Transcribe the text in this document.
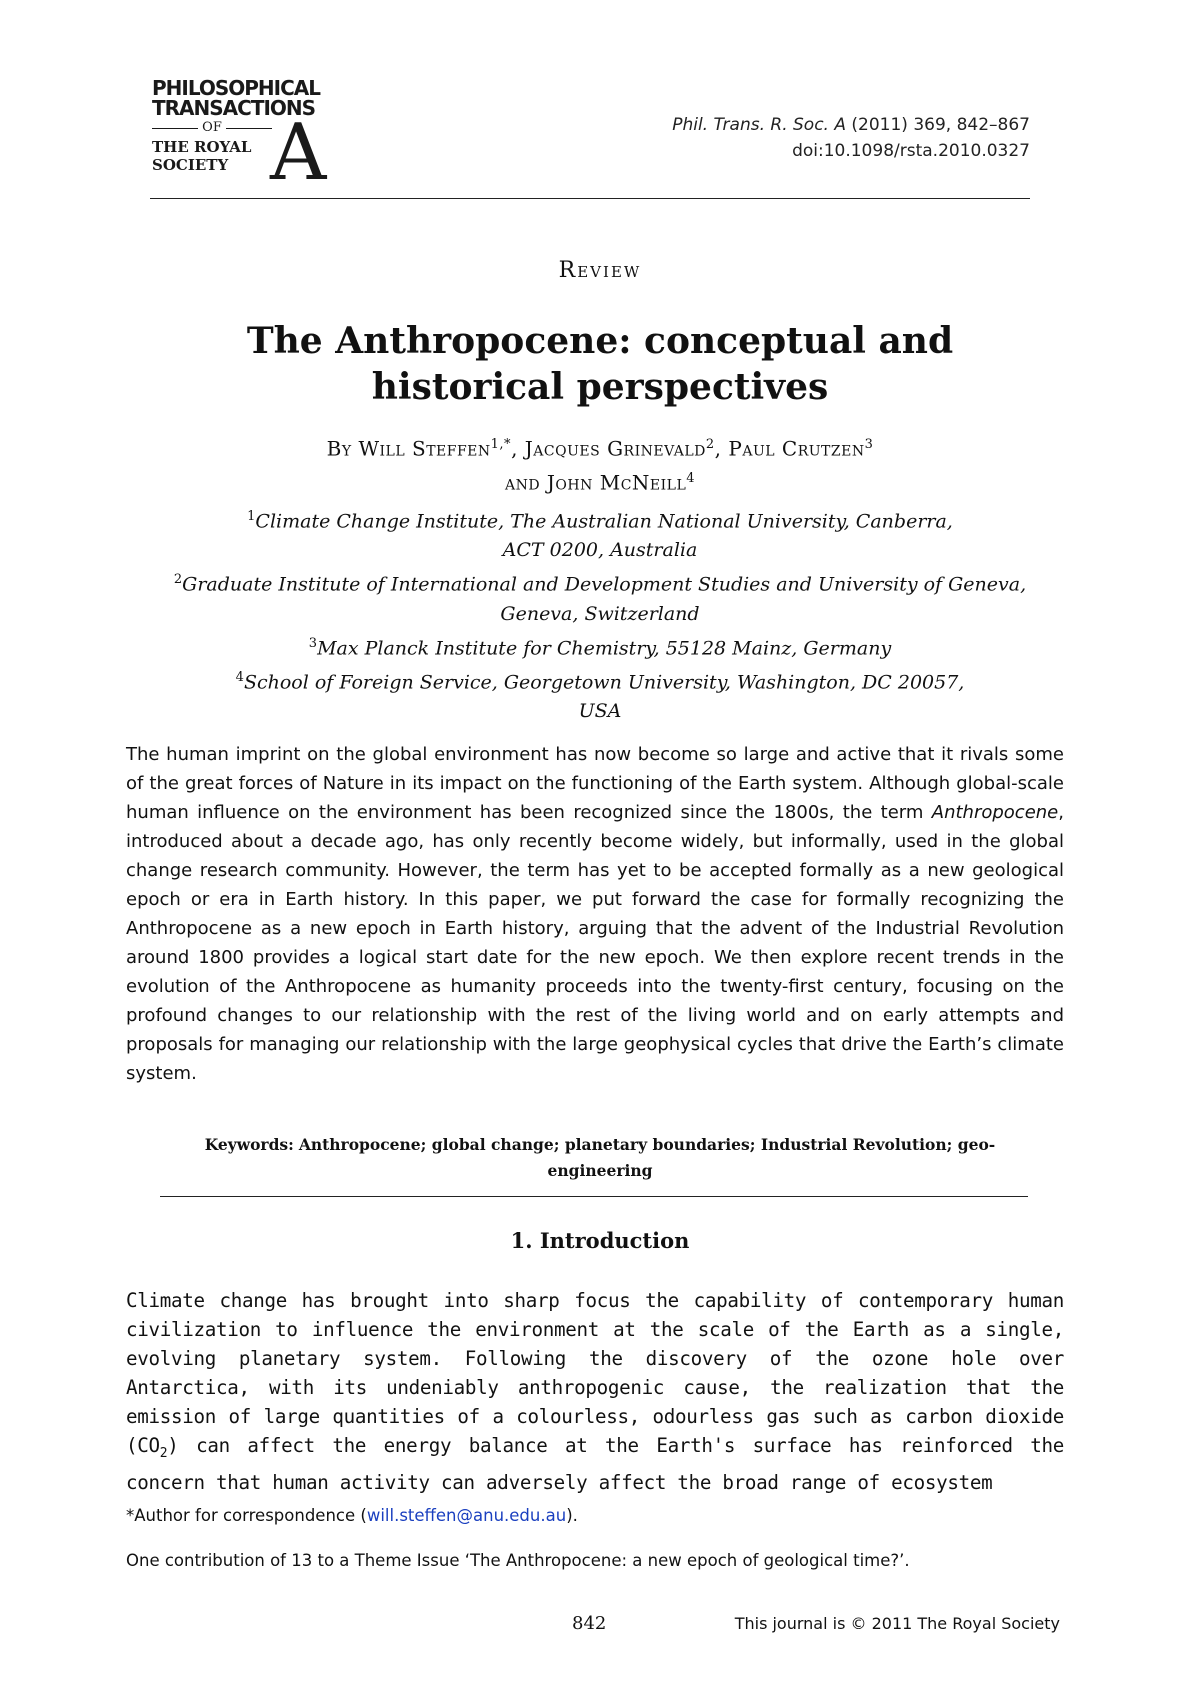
PHILOSOPHICAL
TRANSACTIONS
OF
THE ROYAL
SOCIETY A	Phil. Trans. R. Soc. A (2011) 369, 842–867
doi:10.1098/rsta.2010.0327
Review
The Anthropocene: conceptual and historical perspectives
By Will Steffen$^{1,*}$, Jacques Grinevald$^2$, Paul Crutzen$^3$
and John McNeill$^4$
$^1$Climate Change Institute, The Australian National University, Canberra, ACT 0200, Australia
$^2$Graduate Institute of International and Development Studies and University of Geneva, Geneva, Switzerland
$^3$Max Planck Institute for Chemistry, 55128 Mainz, Germany
$^4$School of Foreign Service, Georgetown University, Washington, DC 20057, USA
The human imprint on the global environment has now become so large and active that it rivals some of the great forces of Nature in its impact on the functioning of the Earth system. Although global-scale human influence on the environment has been recognized since the 1800s, the term Anthropocene, introduced about a decade ago, has only recently become widely, but informally, used in the global change research community. However, the term has yet to be accepted formally as a new geological epoch or era in Earth history. In this paper, we put forward the case for formally recognizing the Anthropocene as a new epoch in Earth history, arguing that the advent of the Industrial Revolution around 1800 provides a logical start date for the new epoch. We then explore recent trends in the evolution of the Anthropocene as humanity proceeds into the twenty-first century, focusing on the profound changes to our relationship with the rest of the living world and on early attempts and proposals for managing our relationship with the large geophysical cycles that drive the Earth’s climate system.
Keywords: Anthropocene; global change; planetary boundaries; Industrial Revolution; geo-engineering
1. Introduction
Climate change has brought into sharp focus the capability of contemporary human civilization to influence the environment at the scale of the Earth as a single, evolving planetary system. Following the discovery of the ozone hole over Antarctica, with its undeniably anthropogenic cause, the realization that the emission of large quantities of a colourless, odourless gas such as carbon dioxide $(CO_2)$ can affect the energy balance at the Earth's surface has reinforced the concern that human activity can adversely affect the broad range of ecosystem
*Author for correspondence (will.steffen@anu.edu.au).
One contribution of 13 to a Theme Issue ‘The Anthropocene: a new epoch of geological time?’.
842	This journal is © 2011 The Royal Society
